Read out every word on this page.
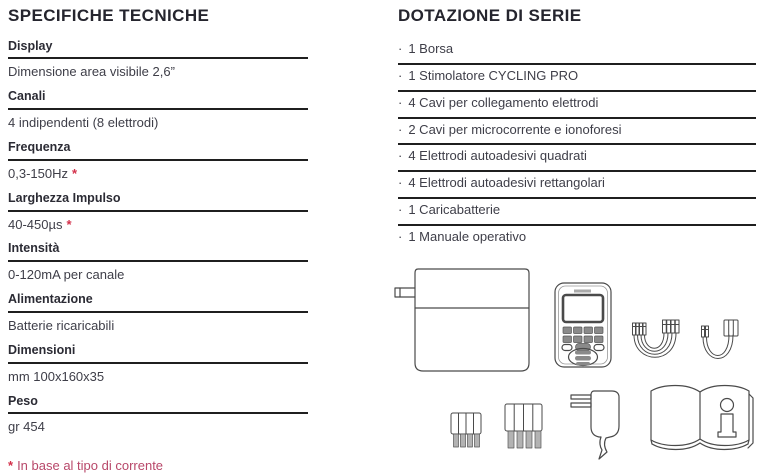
SPECIFICHE TECNICHE
Display
Dimensione area visibile 2,6”
Canali
4 indipendenti (8 elettrodi)
Frequenza
0,3-150Hz *
Larghezza Impulso
40-450µs *
Intensità
0-120mA per canale
Alimentazione
Batterie ricaricabili
Dimensioni
mm 100x160x35
Peso
gr 454
* In base al tipo di corrente
DOTAZIONE DI SERIE
· 1 Borsa
· 1 Stimolatore CYCLING PRO
· 4 Cavi per collegamento elettrodi
· 2 Cavi per microcorrente e ionoforesi
· 4 Elettrodi autoadesivi quadrati
· 4 Elettrodi autoadesivi rettangolari
· 1 Caricabatterie
· 1 Manuale operativo
